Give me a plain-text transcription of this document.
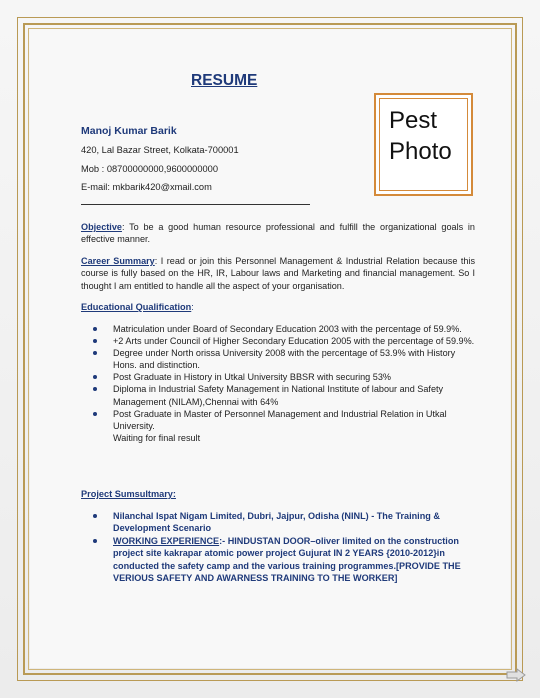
RESUME
Pest
Photo
Manoj Kumar Barik
420, Lal Bazar Street, Kolkata-700001
Mob : 08700000000,9600000000
E-mail: mkbarik420@xmail.com
Objective: To be a good human resource professional and fulfill the organizational goals in effective manner.
Career Summary: I read or join this Personnel Management & Industrial Relation because this course is fully based on the HR, IR, Labour laws and Marketing and financial management. So I thought I am entitled to handle all the aspect of your organisation.
Educational Qualification:
Matriculation under Board of Secondary Education 2003 with the percentage of 59.9%.
+2 Arts under Council of Higher Secondary Education 2005 with the percentage of 59.9%.
Degree under North orissa University 2008 with the percentage of 53.9% with History Hons. and distinction.
Post Graduate in History in Utkal University BBSR with securing 53%
Diploma in Industrial Safety Management in National Institute of labour and Safety Management (NILAM),Chennai with 64%
Post Graduate in Master of Personnel Management and Industrial Relation in Utkal University.
Waiting for final result
Project Sumsultmary:
Nilanchal Ispat Nigam Limited, Dubri, Jajpur, Odisha (NINL) - The Training & Development Scenario
WORKING EXPERIENCE:- HINDUSTAN DOOR–oliver limited on the construction project site kakrapar atomic power project Gujurat IN 2 YEARS {2010-2012}in conducted the safety camp and the various training programmes.[PROVIDE THE VERIOUS SAFETY AND AWARNESS TRAINING TO THE WORKER]
